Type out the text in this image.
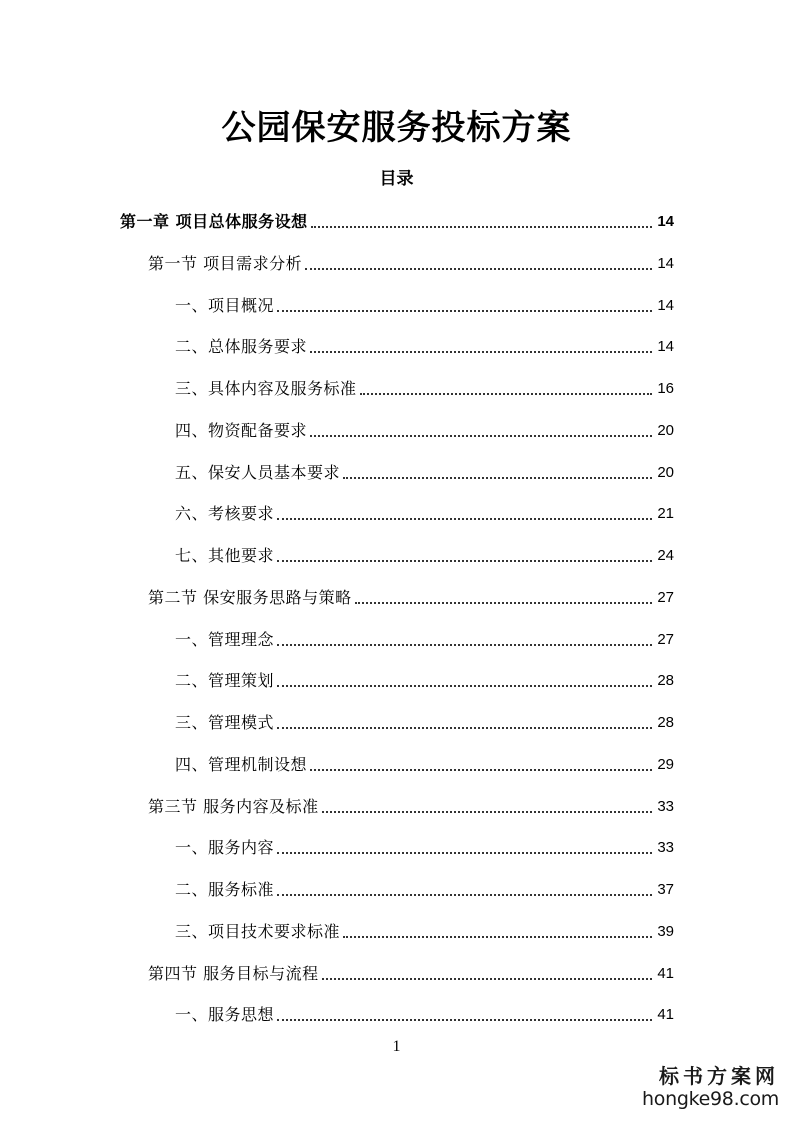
公园保安服务投标方案
目录
第一章 项目总体服务设想	14
第一节 项目需求分析	14
一、项目概况	14
二、总体服务要求	14
三、具体内容及服务标准	16
四、物资配备要求	20
五、保安人员基本要求	20
六、考核要求	21
七、其他要求	24
第二节 保安服务思路与策略	27
一、管理理念	27
二、管理策划	28
三、管理模式	28
四、管理机制设想	29
第三节 服务内容及标准	33
一、服务内容	33
二、服务标准	37
三、项目技术要求标准	39
第四节 服务目标与流程	41
一、服务思想	41
1
标书方案网
hongke98.com
